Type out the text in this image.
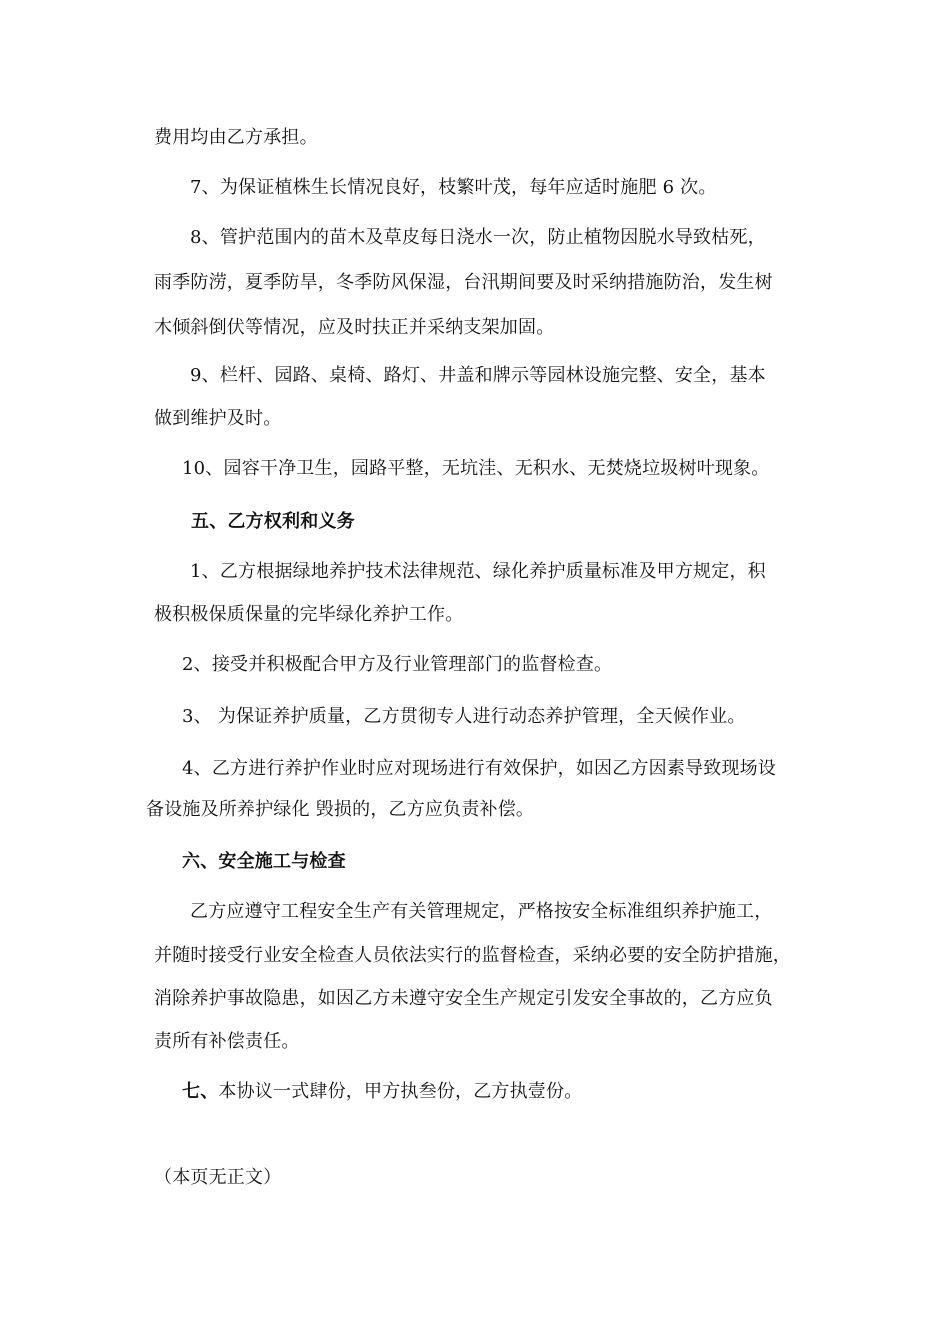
费用均由乙方承担。
7、为保证植株生长情况良好，枝繁叶茂，每年应适时施肥 6 次。
8、管护范围内的苗木及草皮每日浇水一次，防止植物因脱水导致枯死，
雨季防涝，夏季防旱，冬季防风保湿，台汛期间要及时采纳措施防治，发生树
木倾斜倒伏等情况，应及时扶正并采纳支架加固。
9、栏杆、园路、桌椅、路灯、井盖和牌示等园林设施完整、安全，基本
做到维护及时。
10、园容干净卫生，园路平整，无坑洼、无积水、无焚烧垃圾树叶现象。
五、乙方权利和义务
1、乙方根据绿地养护技术法律规范、绿化养护质量标准及甲方规定，积
极积极保质保量的完毕绿化养护工作。
2、接受并积极配合甲方及行业管理部门的监督检查。
3、 为保证养护质量，乙方贯彻专人进行动态养护管理，全天候作业。
4、乙方进行养护作业时应对现场进行有效保护，如因乙方因素导致现场设
备设施及所养护绿化 毁损的，乙方应负责补偿。
六、安全施工与检查
乙方应遵守工程安全生产有关管理规定，严格按安全标准组织养护施工，
并随时接受行业安全检查人员依法实行的监督检查，采纳必要的安全防护措施，
消除养护事故隐患，如因乙方未遵守安全生产规定引发安全事故的，乙方应负
责所有补偿责任。
七、本协议一式肆份，甲方执叁份，乙方执壹份。
（本页无正文）
